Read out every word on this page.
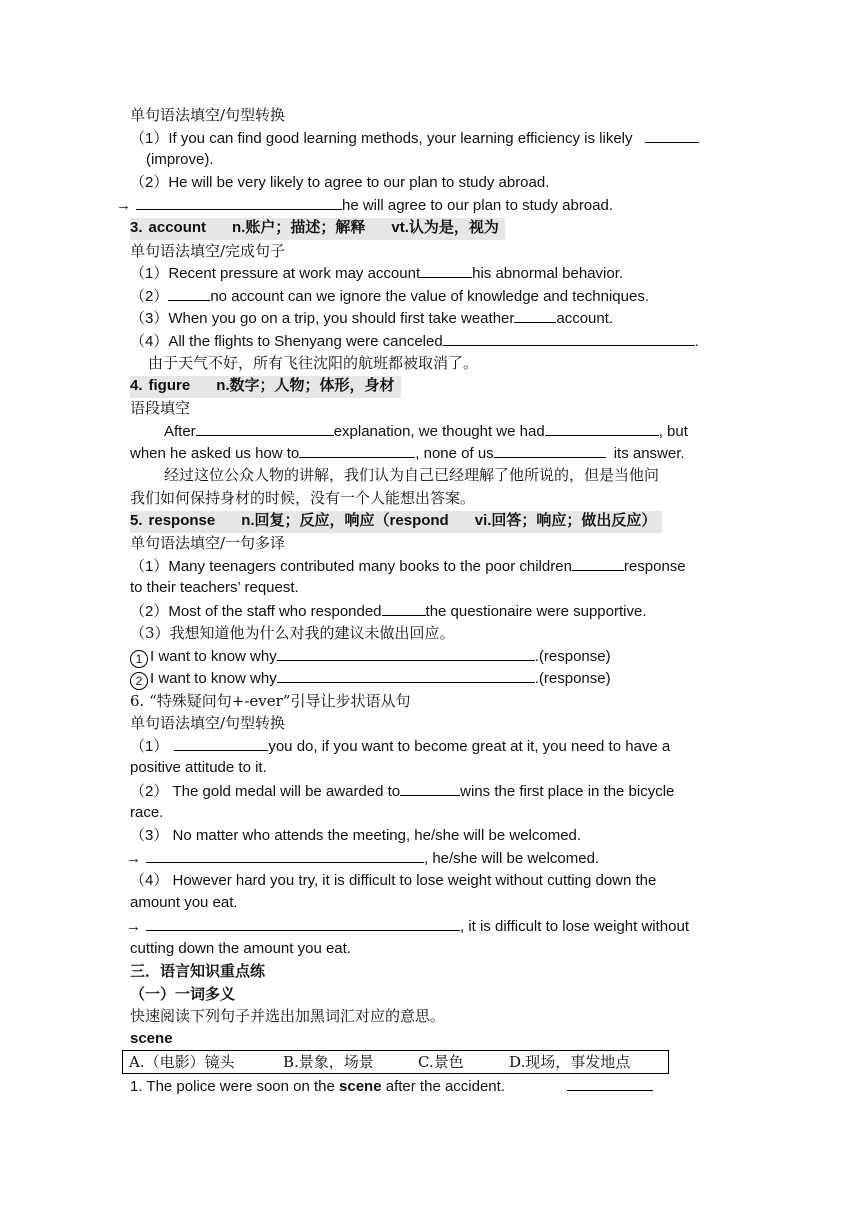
单句语法填空/句型转换
（1）If you can find good learning methods, your learning efficiency is likely
(improve).
（2）He will be very likely to agree to our plan to study abroad.
→	he will agree to our plan to study abroad.
3. account n.账户；描述；解释 vt.认为是，视为
单句语法填空/完成句子
（1）Recent pressure at work may account	his abnormal behavior.
（2）	no account can we ignore the value of knowledge and techniques.
（3）When you go on a trip, you should first take weather	account.
（4）All the flights to Shenyang were canceled	.
由于天气不好，所有飞往沈阳的航班都被取消了。
4. figure n.数字；人物；体形，身材
语段填空
After	explanation, we thought we had	, but
when he asked us how to	, none of us	its answer.
经过这位公众人物的讲解，我们认为自己已经理解了他所说的，但是当他问
我们如何保持身材的时候，没有一个人能想出答案。
5. response n.回复；反应，响应（respond vi.回答；响应；做出反应）
单句语法填空/一句多译
（1）Many teenagers contributed many books to the poor children	response
to their teachers’ request.
（2）Most of the staff who responded	the questionaire were supportive.
（3）我想知道他为什么对我的建议未做出回应。
1 I want to know why	.(response)
2 I want to know why	.(response)
6. “特殊疑问句+-ever”引导让步状语从句
单句语法填空/句型转换
（1）	you do, if you want to become great at it, you need to have a
positive attitude to it.
（2） The gold medal will be awarded to	wins the first place in the bicycle
race.
（3） No matter who attends the meeting, he/she will be welcomed.
→	, he/she will be welcomed.
（4） However hard you try, it is difficult to lose weight without cutting down the
amount you eat.
→	, it is difficult to lose weight without
cutting down the amount you eat.
三．语言知识重点练
（一）一词多义
快速阅读下列句子并选出加黑词汇对应的意思。
scene
A.（电影）镜头	B.景象，场景	C.景色	D.现场，事发地点
1. The police were soon on the scene after the accident.
